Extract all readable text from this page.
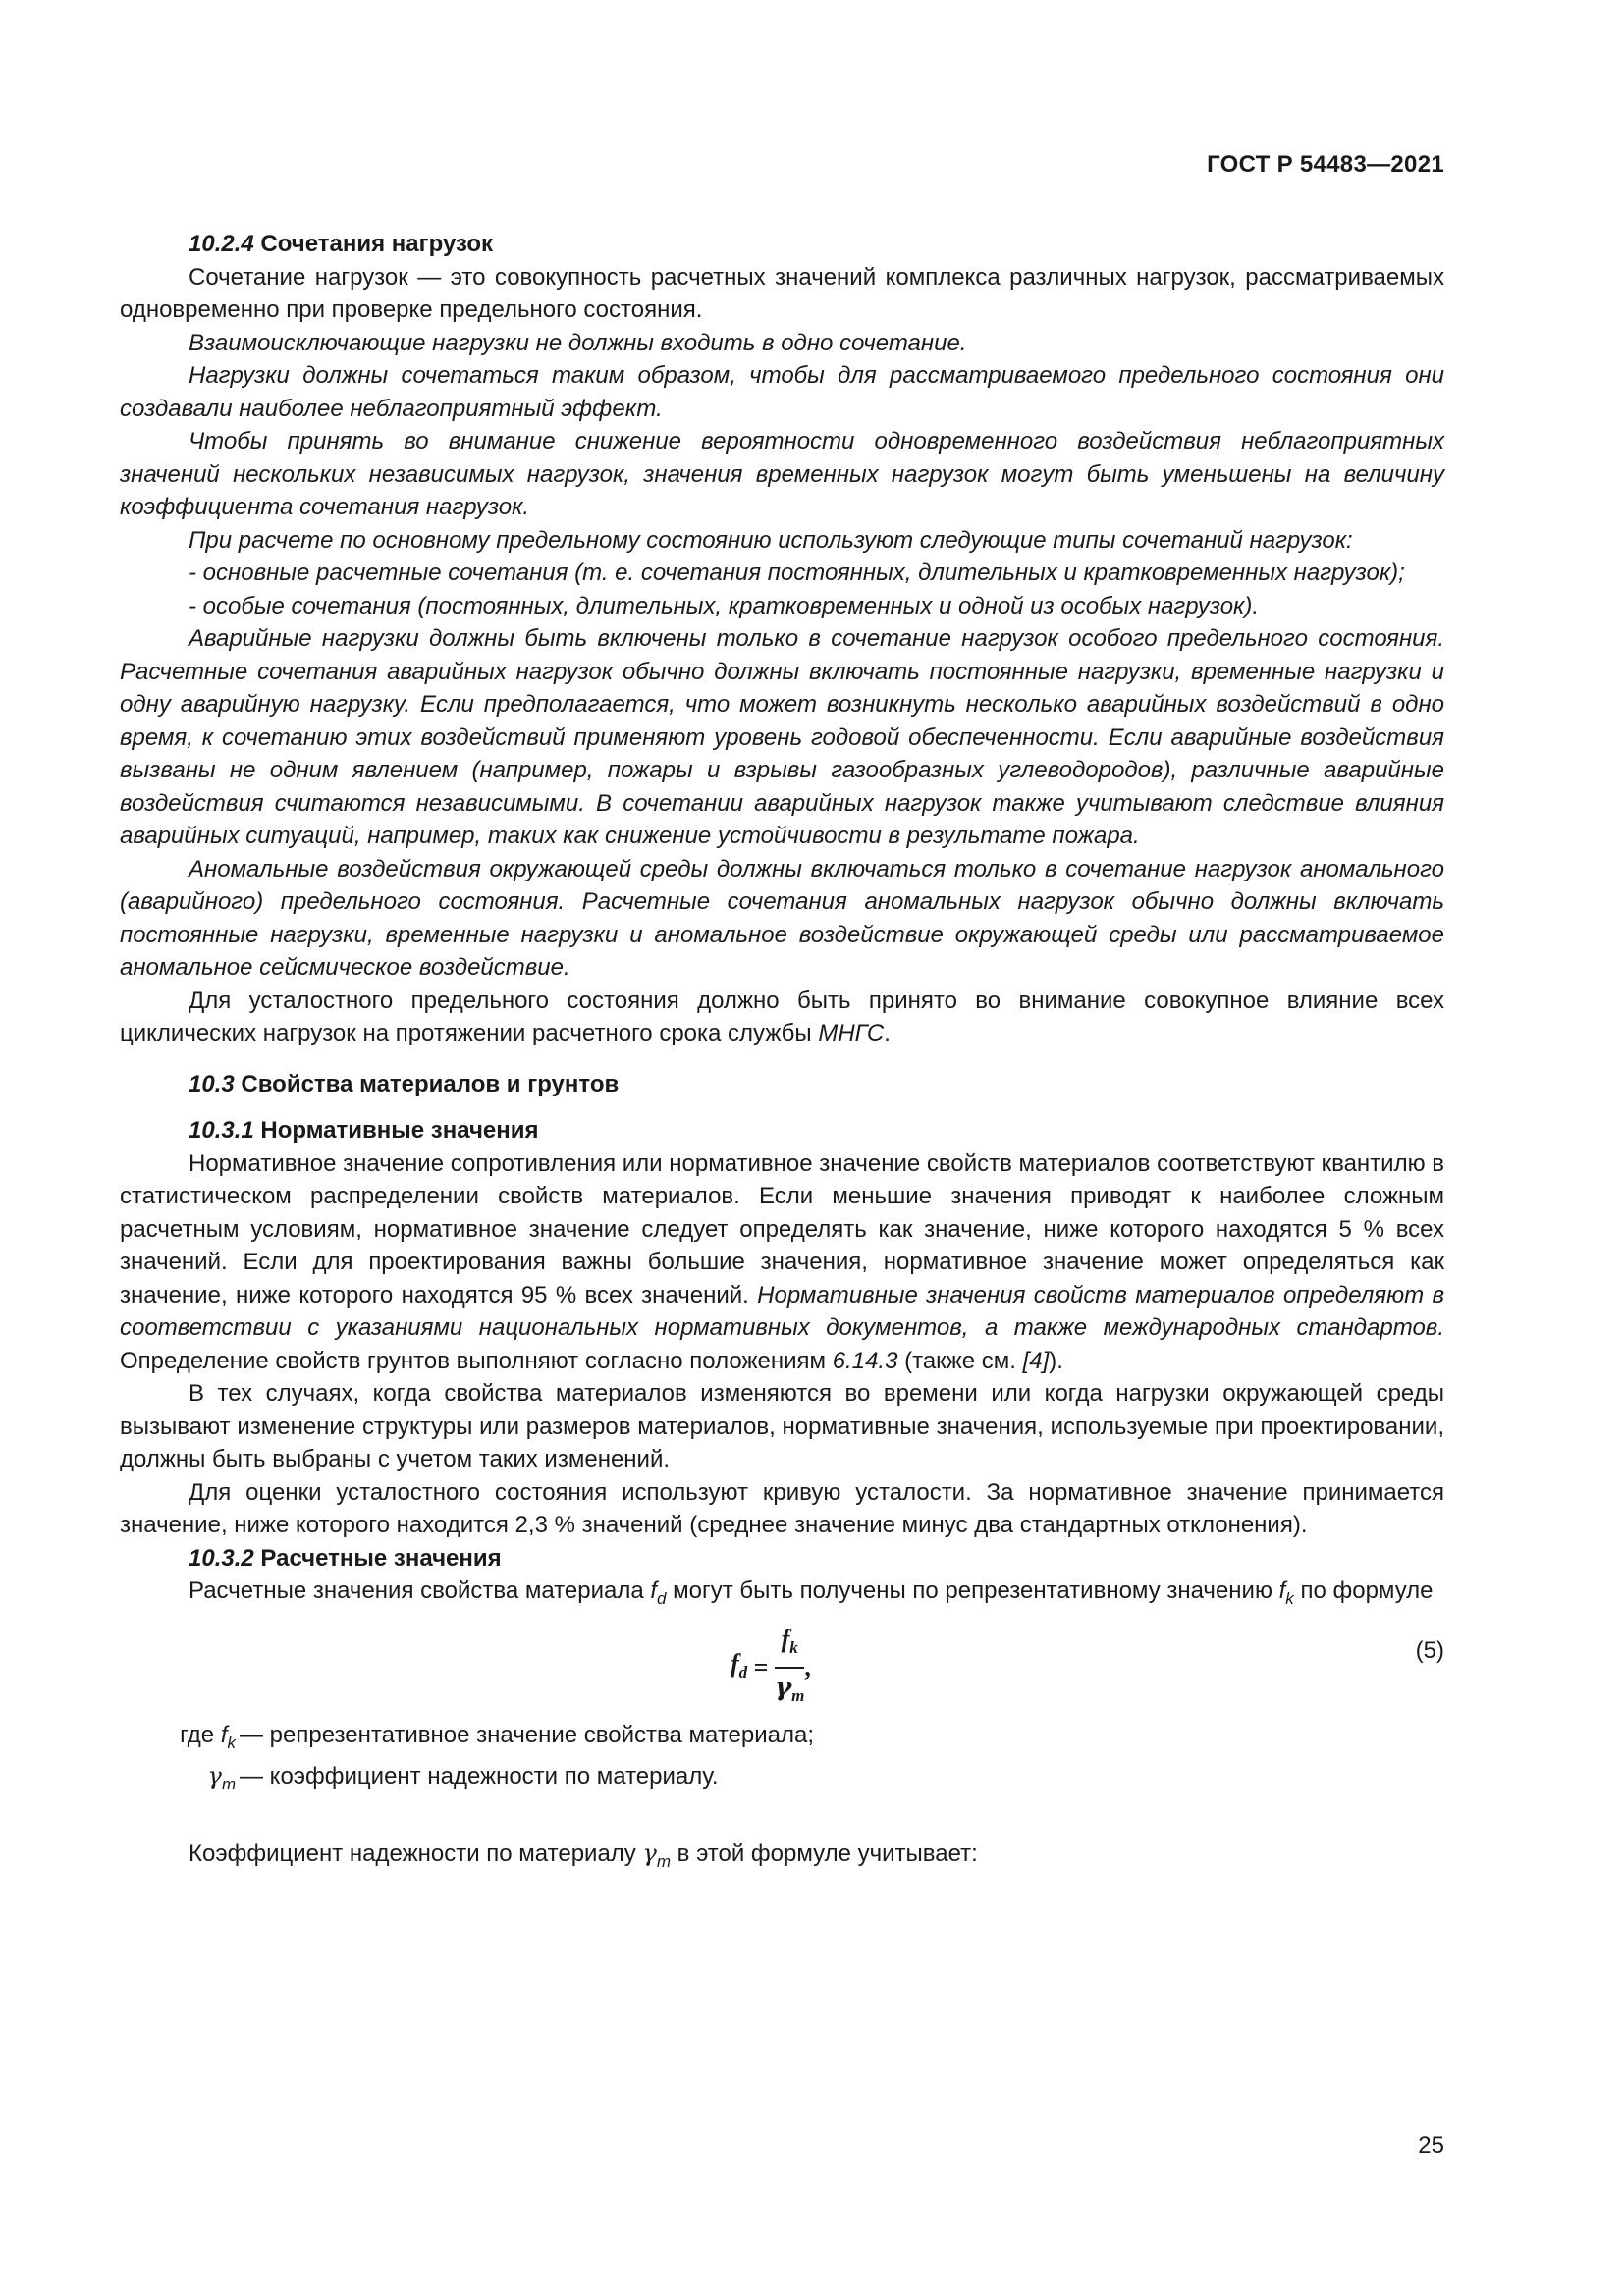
ГОСТ Р 54483—2021

10.2.4 Сочетания нагрузок

Сочетание нагрузок — это совокупность расчетных значений комплекса различных нагрузок, рассматриваемых одновременно при проверке предельного состояния.

Взаимоисключающие нагрузки не должны входить в одно сочетание.

Нагрузки должны сочетаться таким образом, чтобы для рассматриваемого предельного состояния они создавали наиболее неблагоприятный эффект.

Чтобы принять во внимание снижение вероятности одновременного воздействия неблагоприятных значений нескольких независимых нагрузок, значения временных нагрузок могут быть уменьшены на величину коэффициента сочетания нагрузок.

При расчете по основному предельному состоянию используют следующие типы сочетаний нагрузок:

- основные расчетные сочетания (т. е. сочетания постоянных, длительных и кратковременных нагрузок);

- особые сочетания (постоянных, длительных, кратковременных и одной из особых нагрузок).

Аварийные нагрузки должны быть включены только в сочетание нагрузок особого предельного состояния. Расчетные сочетания аварийных нагрузок обычно должны включать постоянные нагрузки, временные нагрузки и одну аварийную нагрузку. Если предполагается, что может возникнуть несколько аварийных воздействий в одно время, к сочетанию этих воздействий применяют уровень годовой обеспеченности. Если аварийные воздействия вызваны не одним явлением (например, пожары и взрывы газообразных углеводородов), различные аварийные воздействия считаются независимыми. В сочетании аварийных нагрузок также учитывают следствие влияния аварийных ситуаций, например, таких как снижение устойчивости в результате пожара.

Аномальные воздействия окружающей среды должны включаться только в сочетание нагрузок аномального (аварийного) предельного состояния. Расчетные сочетания аномальных нагрузок обычно должны включать постоянные нагрузки, временные нагрузки и аномальное воздействие окружающей среды или рассматриваемое аномальное сейсмическое воздействие.

Для усталостного предельного состояния должно быть принято во внимание совокупное влияние всех циклических нагрузок на протяжении расчетного срока службы МНГС.

10.3 Свойства материалов и грунтов

10.3.1 Нормативные значения

Нормативное значение сопротивления или нормативное значение свойств материалов соответствуют квантилю в статистическом распределении свойств материалов. Если меньшие значения приводят к наиболее сложным расчетным условиям, нормативное значение следует определять как значение, ниже которого находятся 5 % всех значений. Если для проектирования важны большие значения, нормативное значение может определяться как значение, ниже которого находятся 95 % всех значений. Нормативные значения свойств материалов определяют в соответствии с указаниями национальных нормативных документов, а также международных стандартов. Определение свойств грунтов выполняют согласно положениям 6.14.3 (также см. [4]).

В тех случаях, когда свойства материалов изменяются во времени или когда нагрузки окружающей среды вызывают изменение структуры или размеров материалов, нормативные значения, используемые при проектировании, должны быть выбраны с учетом таких изменений.

Для оценки усталостного состояния используют кривую усталости. За нормативное значение принимается значение, ниже которого находится 2,3 % значений (среднее значение минус два стандартных отклонения).

10.3.2 Расчетные значения

Расчетные значения свойства материала $f_d$ могут быть получены по репрезентативному значению $f_k$ по формуле

$f_d = \frac{f_k}{\gamma_m}$ ,
(5)
где $f_k$ — репрезентативное значение свойства материала;
$\gamma_m$ — коэффициент надежности по материалу.

Коэффициент надежности по материалу $\gamma_m$ в этой формуле учитывает:

25
